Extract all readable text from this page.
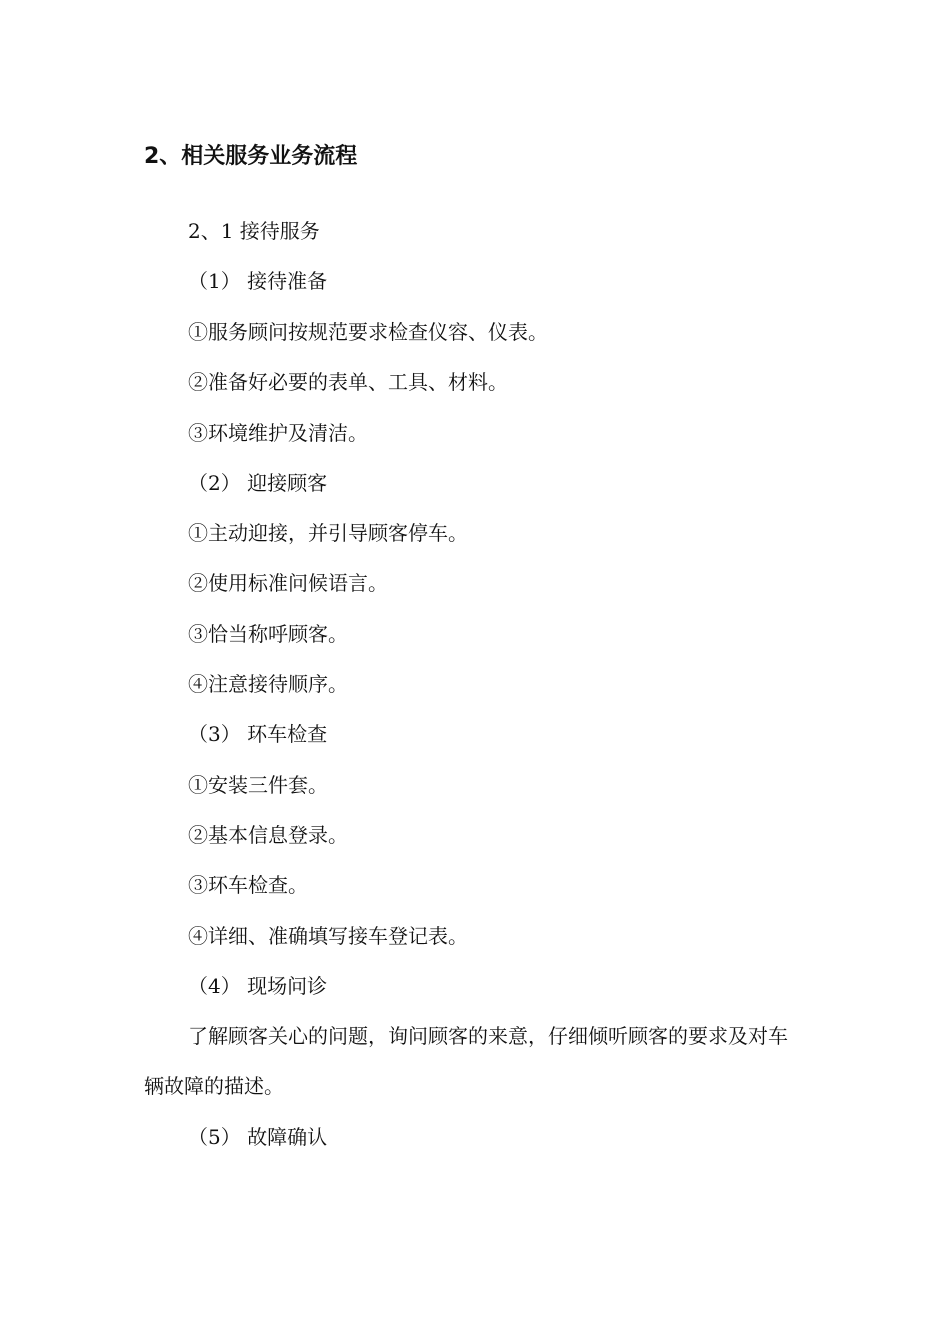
2、相关服务业务流程
2、1 接待服务
（1） 接待准备
①服务顾问按规范要求检查仪容、仪表。
②准备好必要的表单、工具、材料。
③环境维护及清洁。
（2） 迎接顾客
①主动迎接，并引导顾客停车。
②使用标准问候语言。
③恰当称呼顾客。
④注意接待顺序。
（3） 环车检查
①安装三件套。
②基本信息登录。
③环车检查。
④详细、准确填写接车登记表。
（4） 现场问诊
了解顾客关心的问题，询问顾客的来意，仔细倾听顾客的要求及对车
辆故障的描述。
（5） 故障确认
